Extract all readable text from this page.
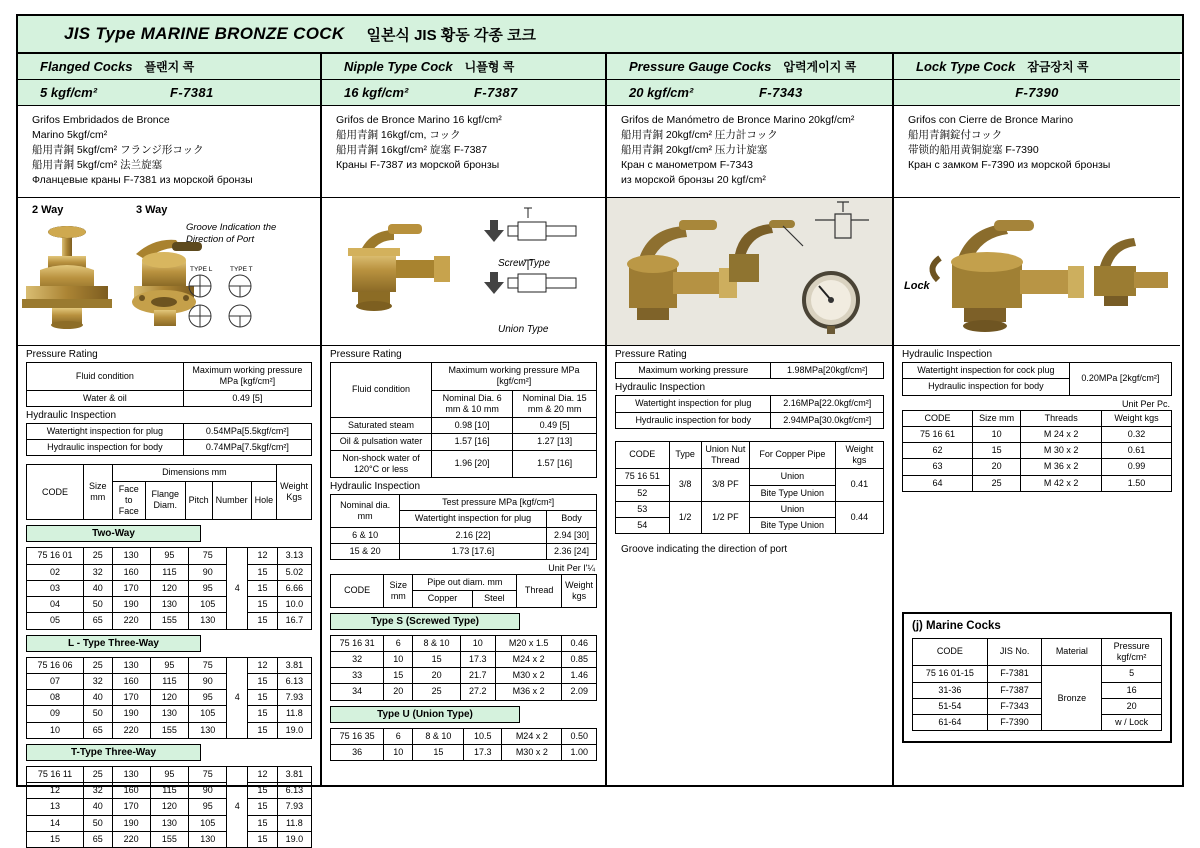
JIS Type MARINE BRONZE COCK 일본식 JIS 황동 각종 코크
Flanged Cocks 플랜지 콕
5 kgf/cm²	F-7381
Grifos Embridados de Bronce
Marino 5kgf/cm²
船用青銅 5kgf/cm² フランジ形コック
船用青銅 5kgf/cm² 法兰旋塞
Фланцевые краны F-7381 из морской бронзы
2 Way	3 Way
Groove Indication the Direction of Port
TYPE L	TYPE T
Pressure Rating
Fluid condition	Maximum working pressure MPa [kgf/cm²]
Water & oil	0.49 [5]
Hydraulic Inspection
Watertight inspection for plug	0.54MPa[5.5kgf/cm²]
Hydraulic inspection for body	0.74MPa[7.5kgf/cm²]
CODE	Size mm	Dimensions mm					Weight Kgs
		Face to Face	Flange Diam.	Pitch	Number	Hole	
Two-Way
75 16 01	25	130	95	75	4	12	3.13
02	32	160	115	90		15	5.02
03	40	170	120	95		15	6.66
04	50	190	130	105		15	10.0
05	65	220	155	130		15	16.7
L - Type Three-Way
75 16 06	25	130	95	75	4	12	3.81
07	32	160	115	90		15	6.13
08	40	170	120	95		15	7.93
09	50	190	130	105		15	11.8
10	65	220	155	130		15	19.0
T-Type Three-Way
75 16 11	25	130	95	75	4	12	3.81
12	32	160	115	90		15	6.13
13	40	170	120	95		15	7.93
14	50	190	130	105		15	11.8
15	65	220	155	130		15	19.0
Nipple Type Cock 니플형 콕
16 kgf/cm²	F-7387
Grifos de Bronce Marino 16 kgf/cm²
船用青銅 16kgf/cm, コック
船用青銅 16kgf/cm² 旋塞 F-7387
Краны F-7387 из морской бронзы
Screw Type
Union Type
Pressure Rating
Fluid condition	Maximum working pressure MPa [kgf/cm²]	
	Nominal Dia. 6 mm & 10 mm	Nominal Dia. 15 mm & 20 mm
Saturated steam	0.98 [10]	0.49 [5]
Oil & pulsation water	1.57 [16]	1.27 [13]
Non-shock water of 120°C or less	1.96 [20]	1.57 [16]
Hydraulic Inspection
Nominal dia. mm	Test pressure MPa [kgf/cm²]	
	Watertight inspection for plug	Body
6 & 10	2.16 [22]	2.94 [30]
15 & 20	1.73 [17.6]	2.36 [24]
Unit Per I'¼
CODE	Size mm	Pipe out diam. mm		Thread	Weight kgs
		Copper	Steel		
Type S (Screwed Type)
75 16 31	6	8 & 10	10	M20 x 1.5	0.46
32	10	15	17.3	M24 x 2	0.85
33	15	20	21.7	M30 x 2	1.46
34	20	25	27.2	M36 x 2	2.09
Type U (Union Type)
75 16 35	6	8 & 10	10.5	M24 x 2	0.50
36	10	15	17.3	M30 x 2	1.00
Pressure Gauge Cocks 압력게이지 콕
20 kgf/cm²	F-7343
Grifos de Manómetro de Bronce Marino 20kgf/cm²
船用青銅 20kgf/cm² 圧力計コック
船用青銅 20kgf/cm² 压力计旋塞
Кран с манометром F-7343
из морской бронзы 20 kgf/cm²
Pressure Rating
Maximum working pressure	1.98MPa[20kgf/cm²]
Hydraulic Inspection
Watertight inspection for plug	2.16MPa[22.0kgf/cm²]
Hydraulic inspection for body	2.94MPa[30.0kgf/cm²]
CODE	Type	Union Nut Thread	For Copper Pipe	Weight kgs
75 16 51	3/8	3/8 PF	Union	0.41
52			Bite Type Union	
53	1/2	1/2 PF	Union	0.44
54			Bite Type Union	
Groove indicating the direction of port
Lock Type Cock 잠금장치 콕
F-7390
Grifos con Cierre de Bronce Marino
船用青銅錠付コック
带锁的船用黄铜旋塞 F-7390
Кран с замком F-7390 из морской бронзы
Lock
Hydraulic Inspection
Watertight inspection for cock plug	0.20MPa [2kgf/cm²]
Hydraulic inspection for body
Unit Per Pc.
CODE	Size mm	Threads	Weight kgs
75 16 61	10	M 24 x 2	0.32
62	15	M 30 x 2	0.61
63	20	M 36 x 2	0.99
64	25	M 42 x 2	1.50
(j) Marine Cocks
CODE	JIS No.	Material	Pressure kgf/cm²
75 16 01-15	F-7381	Bronze	5
31-36	F-7387		16
51-54	F-7343		20
61-64	F-7390		w / Lock
